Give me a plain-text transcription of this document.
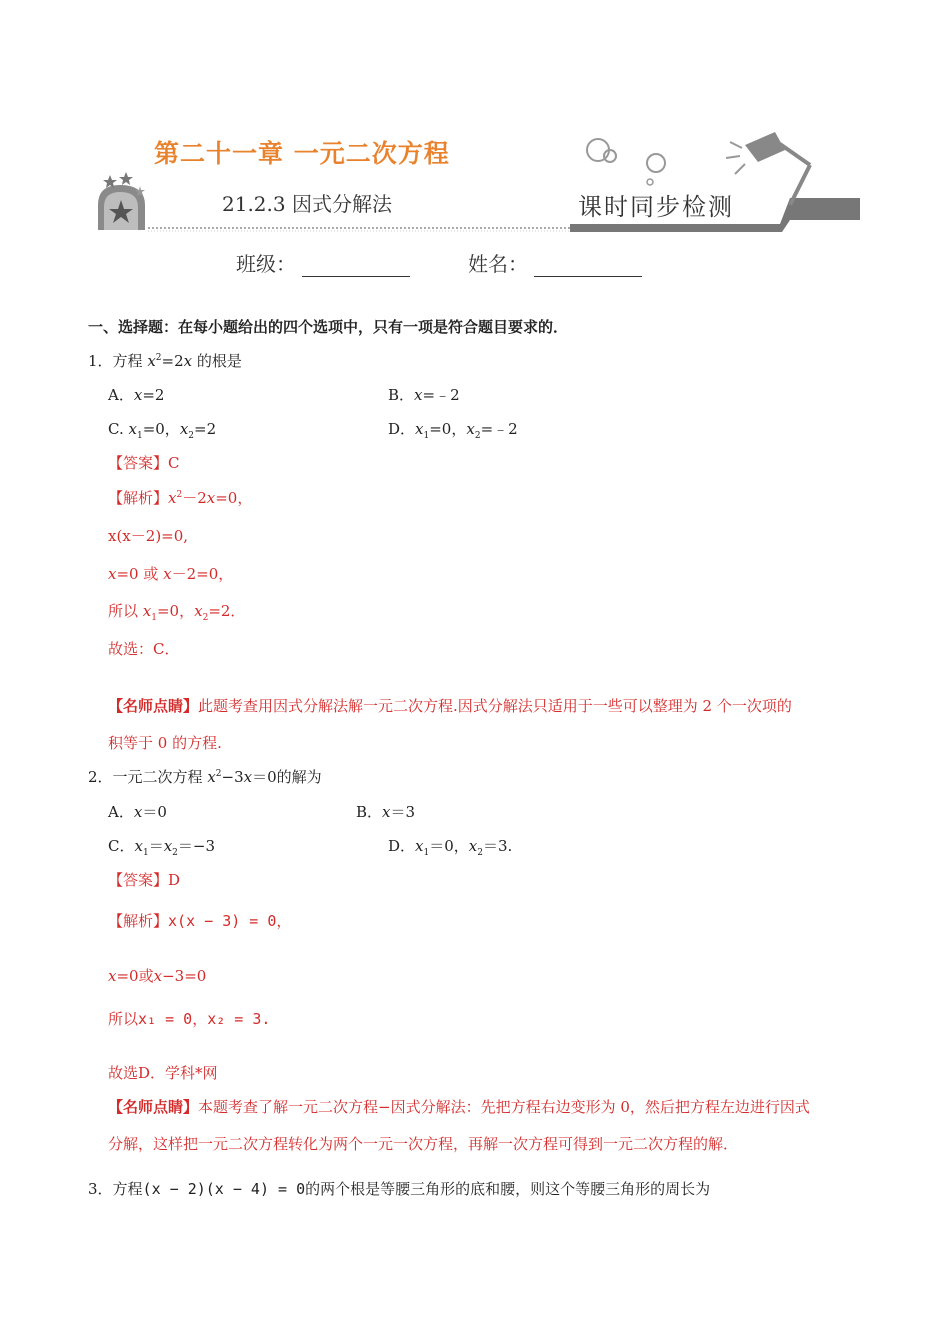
第二十一章 一元二次方程
21.2.3 因式分解法	课时同步检测
班级：	姓名：
一、选择题：在每小题给出的四个选项中，只有一项是符合题目要求的．
1．方程 $x^2=2x$ 的根是
A．x=2	B．x=﹣2
C. $x_1=0$，$x_2=2$	D．$x_1=0$，$x_2=﹣2$
【答案】C
【解析】$x^2-2x=0$，
x(x－2)=0,
x=0 或 x－2=0，
所以 $x_1=0$，$x_2=2$．
故选：C．
【名师点睛】此题考查用因式分解法解一元二次方程.因式分解法只适用于一些可以整理为 2 个一次项的
积等于 0 的方程.
2．一元二次方程 $x^2-3x=0$的解为
A．x＝0	B．x＝3
C．$x_1=x_2=-3$	D．$x_1=0$，$x_2=3$.
【答案】D
【解析】x(x − 3) = 0，
x=0或x−3=0
所以x₁ = 0，x₂ = 3.
故选D．学科*网
【名师点睛】本题考查了解一元二次方程−因式分解法：先把方程右边变形为 0，然后把方程左边进行因式
分解，这样把一元二次方程转化为两个一元一次方程，再解一次方程可得到一元二次方程的解．
3．方程(x − 2)(x − 4) = 0的两个根是等腰三角形的底和腰，则这个等腰三角形的周长为
